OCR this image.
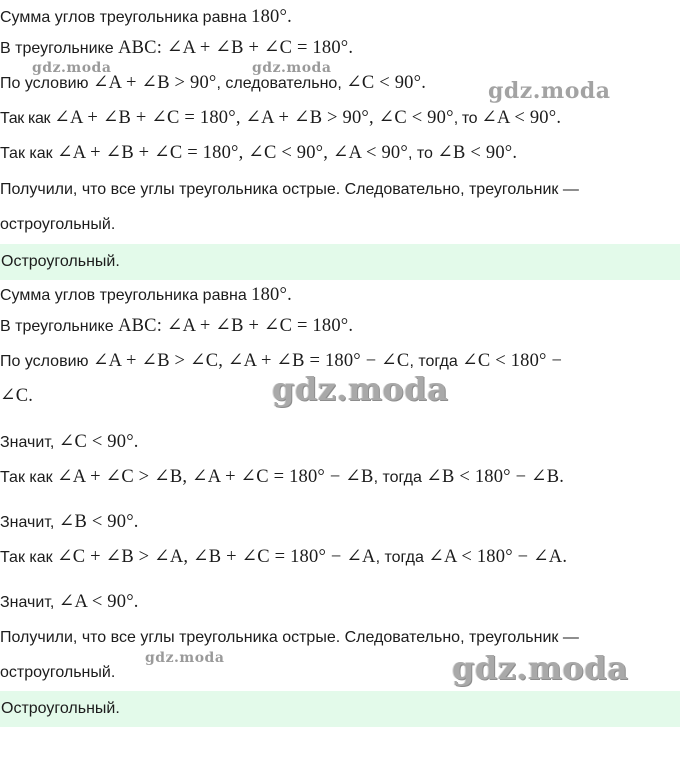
Сумма углов треугольника равна 180°.
В треугольнике ABC: ∠A + ∠B + ∠C = 180°.
По условию ∠A + ∠B > 90°, следовательно, ∠C < 90°.
Так как ∠A + ∠B + ∠C = 180°, ∠A + ∠B > 90°, ∠C < 90°, то ∠A < 90°.
Так как ∠A + ∠B + ∠C = 180°, ∠C < 90°, ∠A < 90°, то ∠B < 90°.
Получили, что все углы треугольника острые. Следовательно, треугольник —
остроугольный.
Остроугольный.
Сумма углов треугольника равна 180°.
В треугольнике ABC: ∠A + ∠B + ∠C = 180°.
По условию ∠A + ∠B > ∠C, ∠A + ∠B = 180° − ∠C, тогда ∠C < 180° −
∠C.
Значит, ∠C < 90°.
Так как ∠A + ∠C > ∠B, ∠A + ∠C = 180° − ∠B, тогда ∠B < 180° − ∠B.
Значит, ∠B < 90°.
Так как ∠C + ∠B > ∠A, ∠B + ∠C = 180° − ∠A, тогда ∠A < 180° − ∠A.
Значит, ∠A < 90°.
Получили, что все углы треугольника острые. Следовательно, треугольник —
остроугольный.
Остроугольный.
gdz.moda	gdz.moda
gdz.moda
gdz.moda
gdz.moda	gdz.moda
